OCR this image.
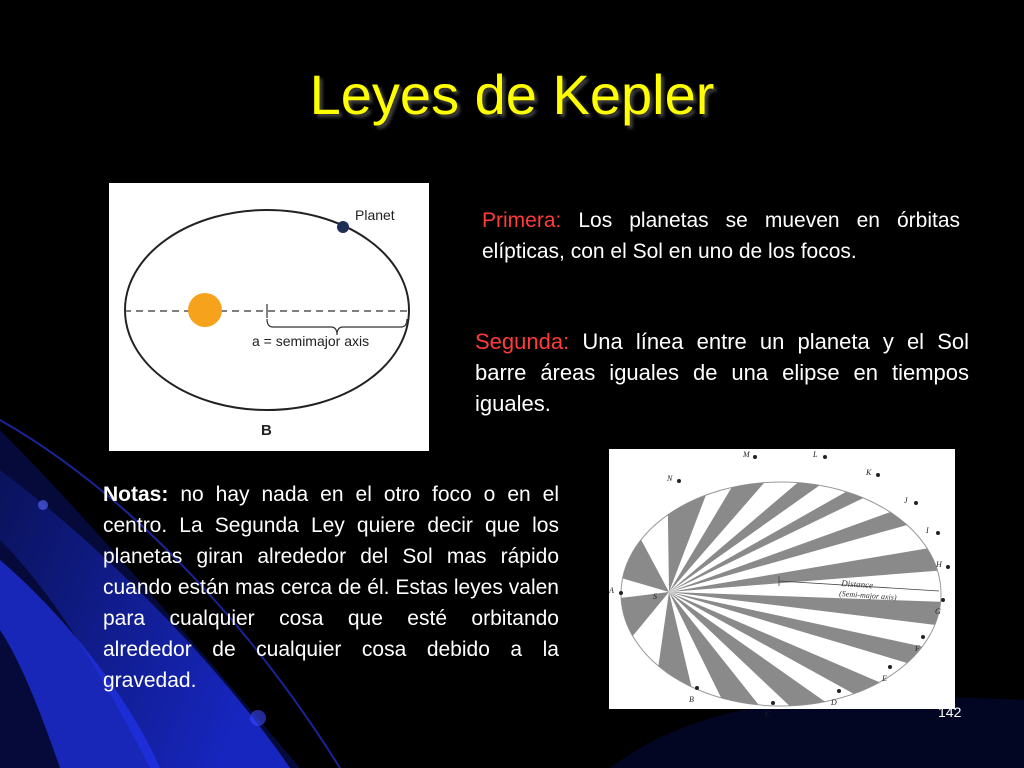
Leyes de Kepler
Planet
a = semimajor axis
B

Primera: Los planetas se mueven en órbitas elípticas, con el Sol en uno de los focos.

Segunda: Una línea entre un planeta y el Sol barre áreas iguales de una elipse en tiempos iguales.

Notas: no hay nada en el otro foco o en el centro. La Segunda Ley quiere decir que los planetas giran alrededor del Sol mas rápido cuando están mas cerca de él. Estas leyes valen para cualquier cosa que esté orbitando alrededor de cualquier cosa debido a la gravedad.

Distance
(Semi-major axis)
A
B
C
D
E
F
G
H
I
J
K
L
M
N
S
142
